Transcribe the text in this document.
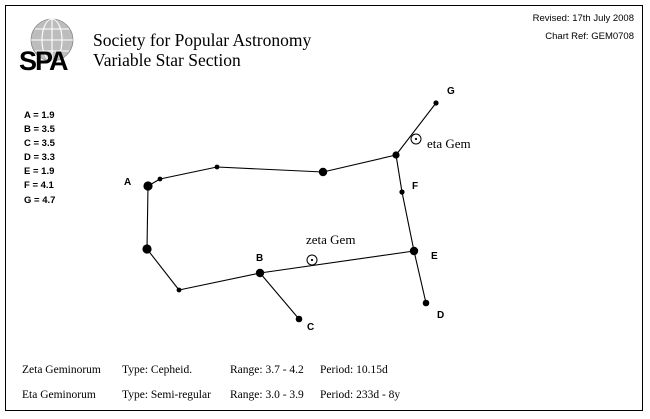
SPA
Society for Popular Astronomy
Variable Star Section
Revised: 17th July 2008
Chart Ref: GEM0708
A = 1.9
B = 3.5
C = 3.5
D = 3.3
E = 1.9
F = 4.1
G = 4.7
A
B
C
D
E
F
G
zeta Gem
eta Gem
Zeta Geminorum Type: Cepheid.	Range: 3.7 - 4.2 Period: 10.15d
Eta Geminorum Type: Semi-regular Range: 3.0 - 3.9 Period: 233d - 8y
